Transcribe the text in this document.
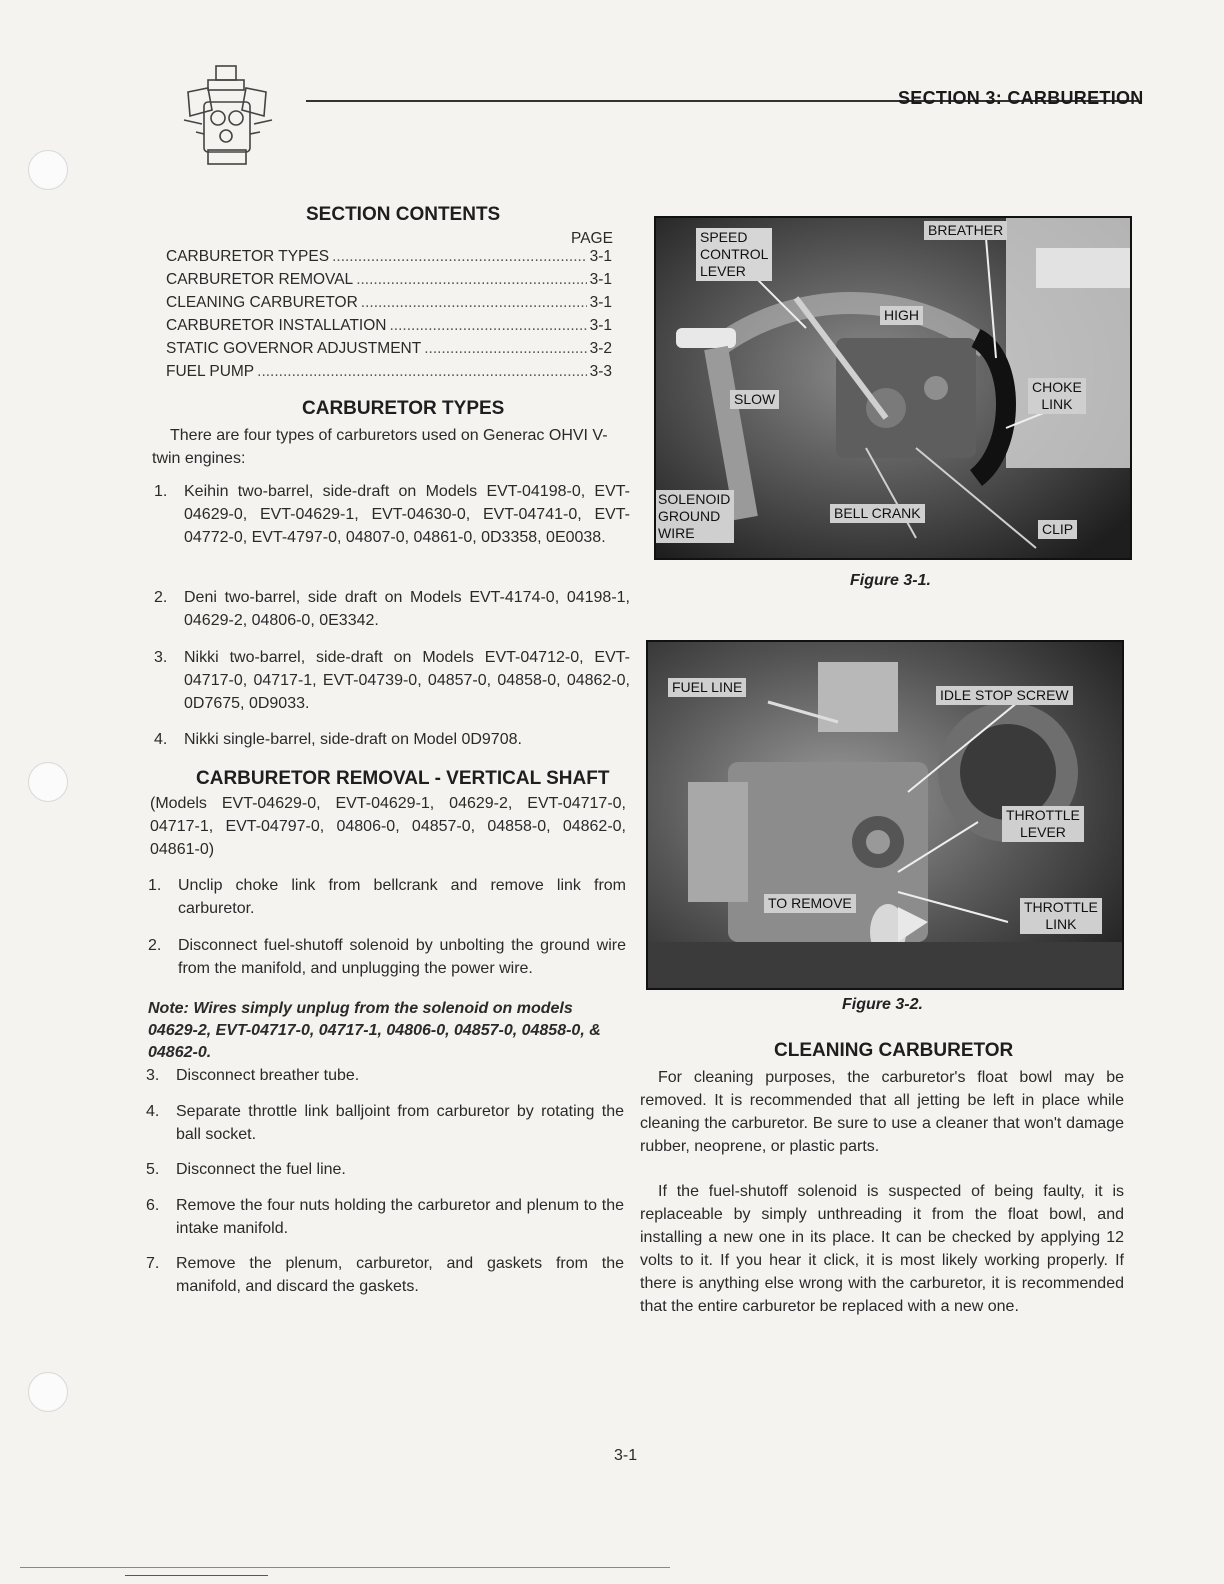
SECTION 3: CARBURETION
SECTION CONTENTS
PAGE
CARBURETOR TYPES .....	3-1
CARBURETOR REMOVAL .....	3-1
CLEANING CARBURETOR .....	3-1
CARBURETOR INSTALLATION .....	3-1
STATIC GOVERNOR ADJUSTMENT .....	3-2
FUEL PUMP .....	3-3
CARBURETOR TYPES

There are four types of carburetors used on Generac OHVI V-twin engines:

1. Keihin two-barrel, side-draft on Models EVT-04198-0, EVT-04629-0, EVT-04629-1, EVT-04630-0, EVT-04741-0, EVT-04772-0, EVT-4797-0, 04807-0, 04861-0, 0D3358, 0E0038.
2. Deni two-barrel, side draft on Models EVT-4174-0, 04198-1, 04629-2, 04806-0, 0E3342.
3. Nikki two-barrel, side-draft on Models EVT-04712-0, EVT-04717-0, 04717-1, EVT-04739-0, 04857-0, 04858-0, 04862-0, 0D7675, 0D9033.
4. Nikki single-barrel, side-draft on Model 0D9708.
CARBURETOR REMOVAL - VERTICAL SHAFT

(Models EVT-04629-0, EVT-04629-1, 04629-2, EVT-04717-0, 04717-1, EVT-04797-0, 04806-0, 04857-0, 04858-0, 04862-0, 04861-0)

1. Unclip choke link from bellcrank and remove link from carburetor.
2. Disconnect fuel-shutoff solenoid by unbolting the ground wire from the manifold, and unplugging the power wire.

Note: Wires simply unplug from the solenoid on models 04629-2, EVT-04717-0, 04717-1, 04806-0, 04857-0, 04858-0, & 04862-0.

3. Disconnect breather tube.
4. Separate throttle link balljoint from carburetor by rotating the ball socket.
5. Disconnect the fuel line.
6. Remove the four nuts holding the carburetor and plenum to the intake manifold.
7. Remove the plenum, carburetor, and gaskets from the manifold, and discard the gaskets.
SPEED
CONTROL
LEVER
BREATHER
HIGH
SLOW
CHOKE
LINK
SOLENOID
GROUND
WIRE
BELL CRANK
CLIP
Figure 3-1.
FUEL LINE	IDLE STOP SCREW
THROTTLE
LEVER
TO REMOVE	THROTTLE
LINK
Figure 3-2.
CLEANING CARBURETOR

For cleaning purposes, the carburetor's float bowl may be removed. It is recommended that all jetting be left in place while cleaning the carburetor. Be sure to use a cleaner that won't damage rubber, neoprene, or plastic parts.

If the fuel-shutoff solenoid is suspected of being faulty, it is replaceable by simply unthreading it from the float bowl, and installing a new one in its place. It can be checked by applying 12 volts to it. If you hear it click, it is most likely working properly. If there is anything else wrong with the carburetor, it is recommended that the entire carburetor be replaced with a new one.

3-1
